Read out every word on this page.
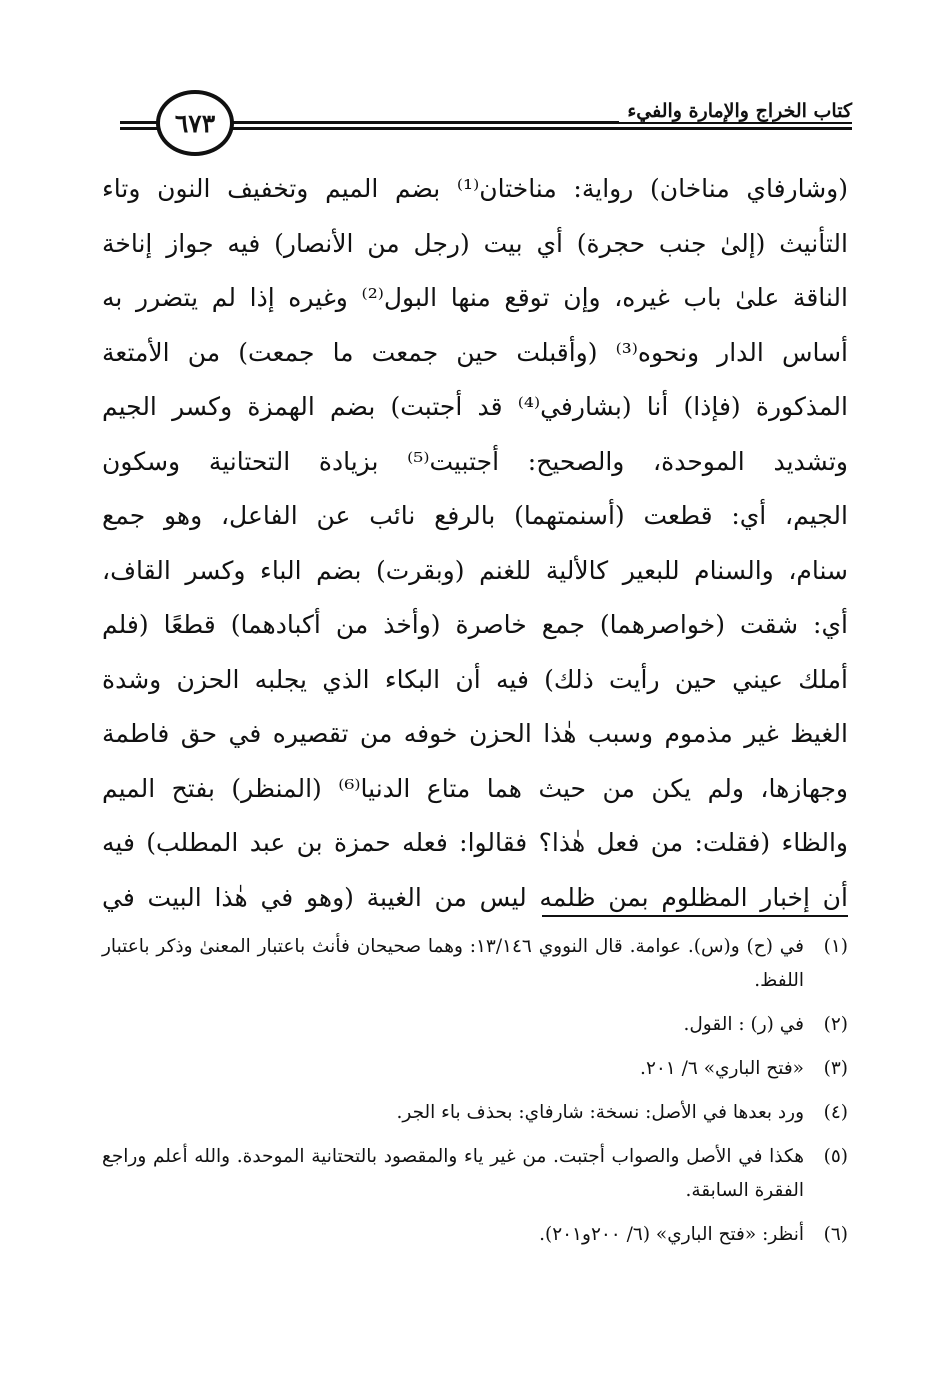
كتاب الخراج والإمارة والفيء
٦٧٣
(وشارفاي مناخان) رواية: مناختان⁽¹⁾ بضم الميم وتخفيف النون وتاء
التأنيث (إلىٰ جنب حجرة) أي بيت (رجل من الأنصار) فيه جواز إناخة
الناقة علىٰ باب غيره، وإن توقع منها البول⁽²⁾ وغيره إذا لم يتضرر به
أساس الدار ونحوه⁽³⁾ (وأقبلت حين جمعت ما جمعت) من الأمتعة
المذكورة (فإذا) أنا (بشارفي⁽⁴⁾ قد أجتبت) بضم الهمزة وكسر الجيم
وتشديد الموحدة، والصحيح: أجتبيت⁽⁵⁾ بزيادة التحتانية وسكون
الجيم، أي: قطعت (أسنمتهما) بالرفع نائب عن الفاعل، وهو جمع
سنام، والسنام للبعير كالألية للغنم (وبقرت) بضم الباء وكسر القاف،
أي: شقت (خواصرهما) جمع خاصرة (وأخذ من أكبادهما) قطعًا (فلم
أملك عيني حين رأيت ذلك) فيه أن البكاء الذي يجلبه الحزن وشدة
الغيظ غير مذموم وسبب هٰذا الحزن خوفه من تقصيره في حق فاطمة
وجهازها، ولم يكن من حيث هما متاع الدنيا⁽⁶⁾ (المنظر) بفتح الميم
والظاء (فقلت: من فعل هٰذا؟ فقالوا: فعله حمزة بن عبد المطلب) فيه
أن إخبار المظلوم بمن ظلمه ليس من الغيبة (وهو في هٰذا البيت في
(١)
في (ح) و(س). عوامة. قال النووي ١٣/١٤٦: وهما صحيحان فأنث باعتبار المعنىٰ وذكر باعتبار اللفظ.
(٢)
في (ر) : القول.
(٣)
«فتح الباري» ٦/ ٢٠١.
(٤)
ورد بعدها في الأصل: نسخة: شارفاي: بحذف باء الجر.
(٥)
هكذا في الأصل والصواب أجتبت. من غير ياء والمقصود بالتحتانية الموحدة. والله أعلم وراجع الفقرة السابقة.
(٦)
أنظر: «فتح الباري» (٦/ ٢٠٠و٢٠١).
